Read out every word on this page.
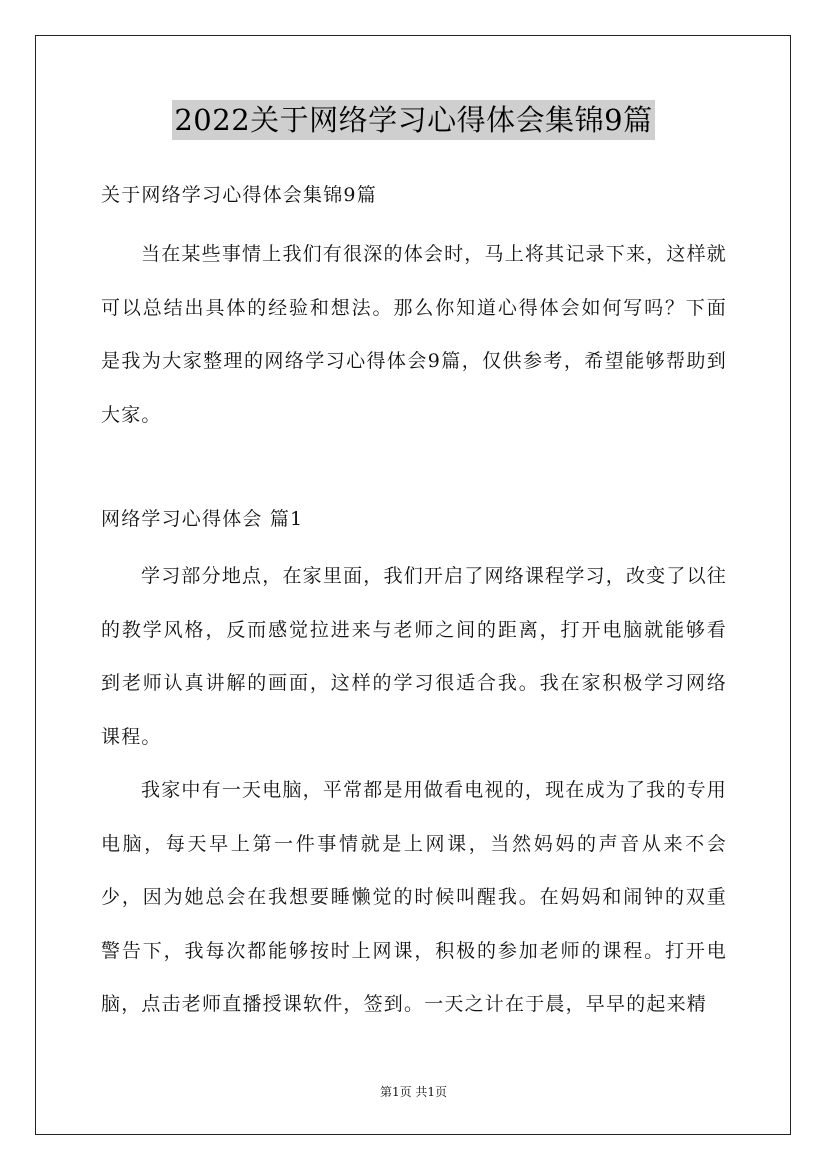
2022关于网络学习心得体会集锦9篇
关于网络学习心得体会集锦9篇
当在某些事情上我们有很深的体会时，马上将其记录下来，这样就可以总结出具体的经验和想法。那么你知道心得体会如何写吗？下面是我为大家整理的网络学习心得体会9篇，仅供参考，希望能够帮助到大家。
网络学习心得体会 篇1
学习部分地点，在家里面，我们开启了网络课程学习，改变了以往的教学风格，反而感觉拉进来与老师之间的距离，打开电脑就能够看到老师认真讲解的画面，这样的学习很适合我。我在家积极学习网络课程。
我家中有一天电脑，平常都是用做看电视的，现在成为了我的专用电脑，每天早上第一件事情就是上网课，当然妈妈的声音从来不会少，因为她总会在我想要睡懒觉的时候叫醒我。在妈妈和闹钟的双重警告下，我每次都能够按时上网课，积极的参加老师的课程。打开电脑，点击老师直播授课软件，签到。一天之计在于晨，早早的起来精
第1页 共1页
